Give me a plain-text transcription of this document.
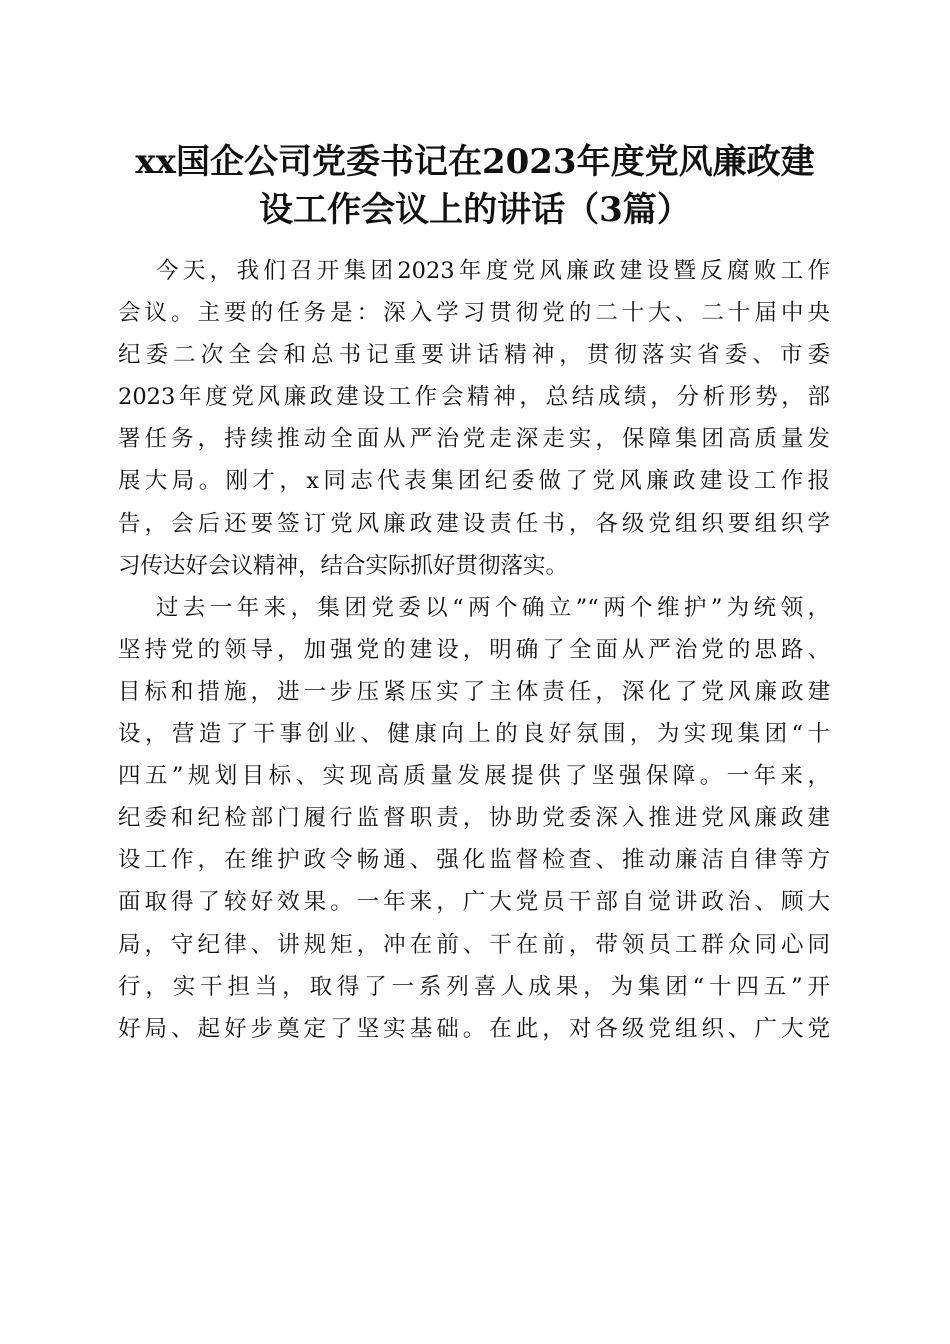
xx国企公司党委书记在2023年度党风廉政建
设工作会议上的讲话（3篇）
今天，我们召开集团2023年度党风廉政建设暨反腐败工作
会议。主要的任务是：深入学习贯彻党的二十大、二十届中央
纪委二次全会和总书记重要讲话精神，贯彻落实省委、市委
2023年度党风廉政建设工作会精神，总结成绩，分析形势，部
署任务，持续推动全面从严治党走深走实，保障集团高质量发
展大局。刚才，x同志代表集团纪委做了党风廉政建设工作报
告，会后还要签订党风廉政建设责任书，各级党组织要组织学
习传达好会议精神，结合实际抓好贯彻落实。
过去一年来，集团党委以“两个确立”“两个维护”为统领，
坚持党的领导，加强党的建设，明确了全面从严治党的思路、
目标和措施，进一步压紧压实了主体责任，深化了党风廉政建
设，营造了干事创业、健康向上的良好氛围，为实现集团“十
四五”规划目标、实现高质量发展提供了坚强保障。一年来，
纪委和纪检部门履行监督职责，协助党委深入推进党风廉政建
设工作，在维护政令畅通、强化监督检查、推动廉洁自律等方
面取得了较好效果。一年来，广大党员干部自觉讲政治、顾大
局，守纪律、讲规矩，冲在前、干在前，带领员工群众同心同
行，实干担当，取得了一系列喜人成果，为集团“十四五”开
好局、起好步奠定了坚实基础。在此，对各级党组织、广大党
